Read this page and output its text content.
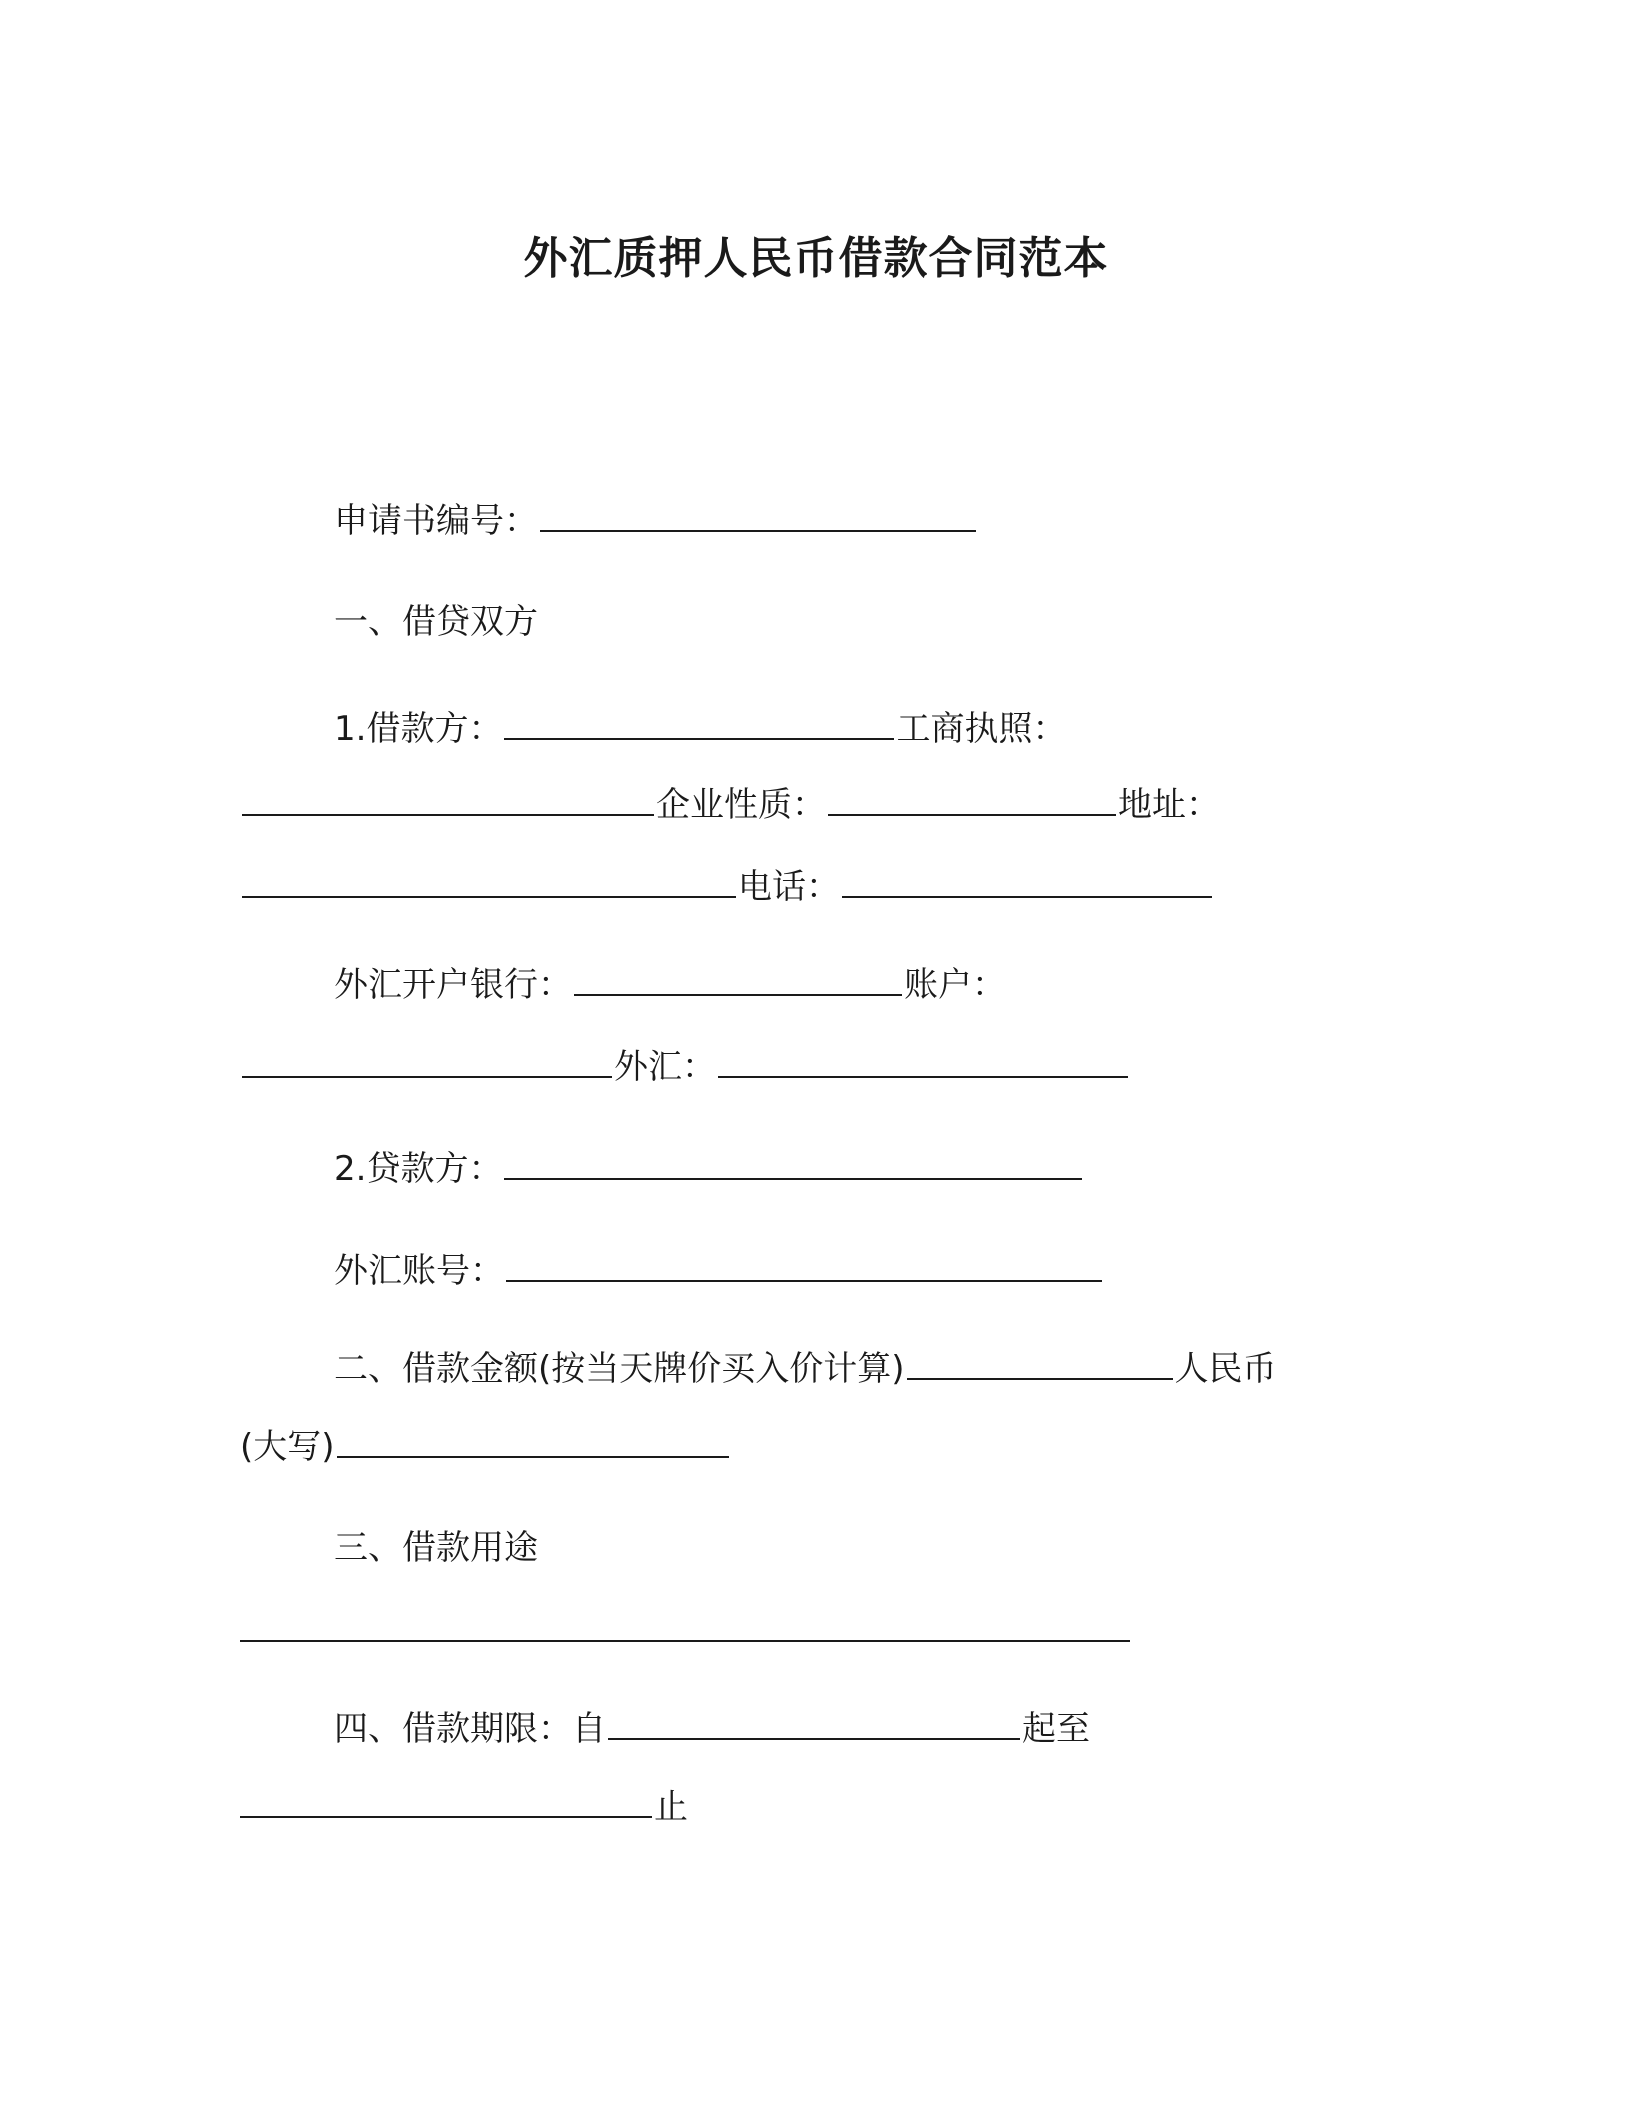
外汇质押人民币借款合同范本
申请书编号：
一、借贷双方
1.借款方：	工商执照：
企业性质：	地址：
电话：
外汇开户银行：	账户：
外汇：
2.贷款方：
外汇账号：
二、借款金额(按当天牌价买入价计算)	人民币
(大写)
三、借款用途
四、借款期限：自	起至
止
